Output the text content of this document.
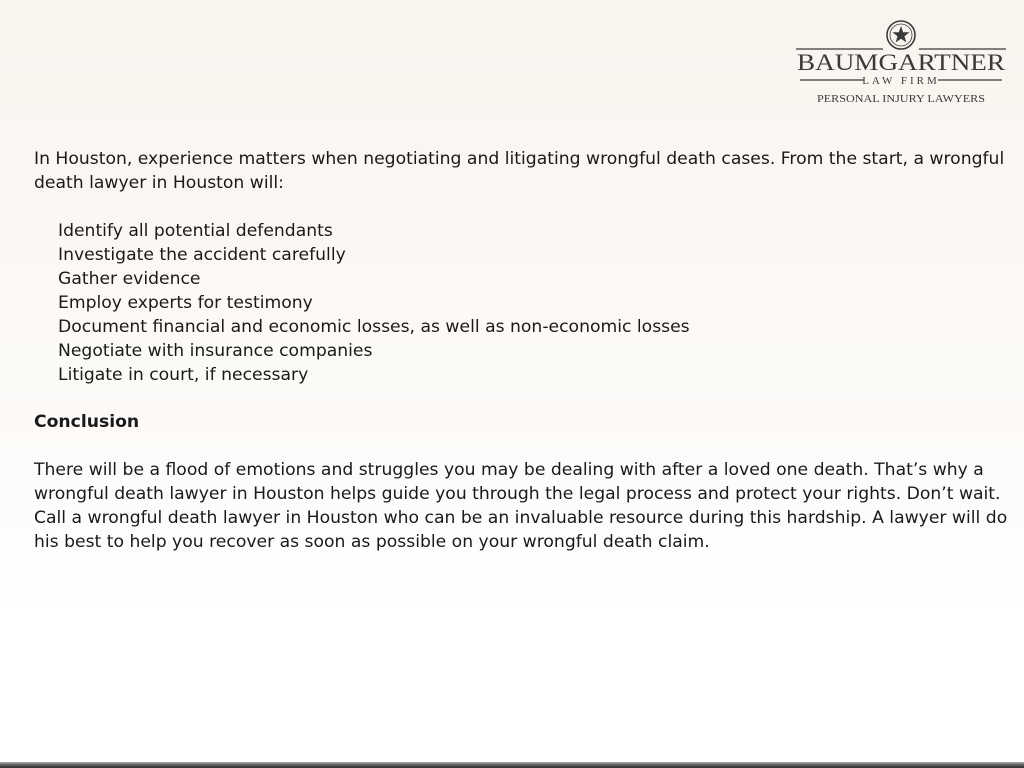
BAUMGARTNER
LAW FIRM
PERSONAL INJURY LAWYERS

In Houston, experience matters when negotiating and litigating wrongful death cases. From the start, a wrongful death lawyer in Houston will:

Identify all potential defendants
Investigate the accident carefully
Gather evidence
Employ experts for testimony
Document financial and economic losses, as well as non-economic losses
Negotiate with insurance companies
Litigate in court, if necessary

Conclusion

There will be a flood of emotions and struggles you may be dealing with after a loved one death. That’s why a wrongful death lawyer in Houston helps guide you through the legal process and protect your rights. Don’t wait. Call a wrongful death lawyer in Houston who can be an invaluable resource during this hardship. A lawyer will do his best to help you recover as soon as possible on your wrongful death claim.
